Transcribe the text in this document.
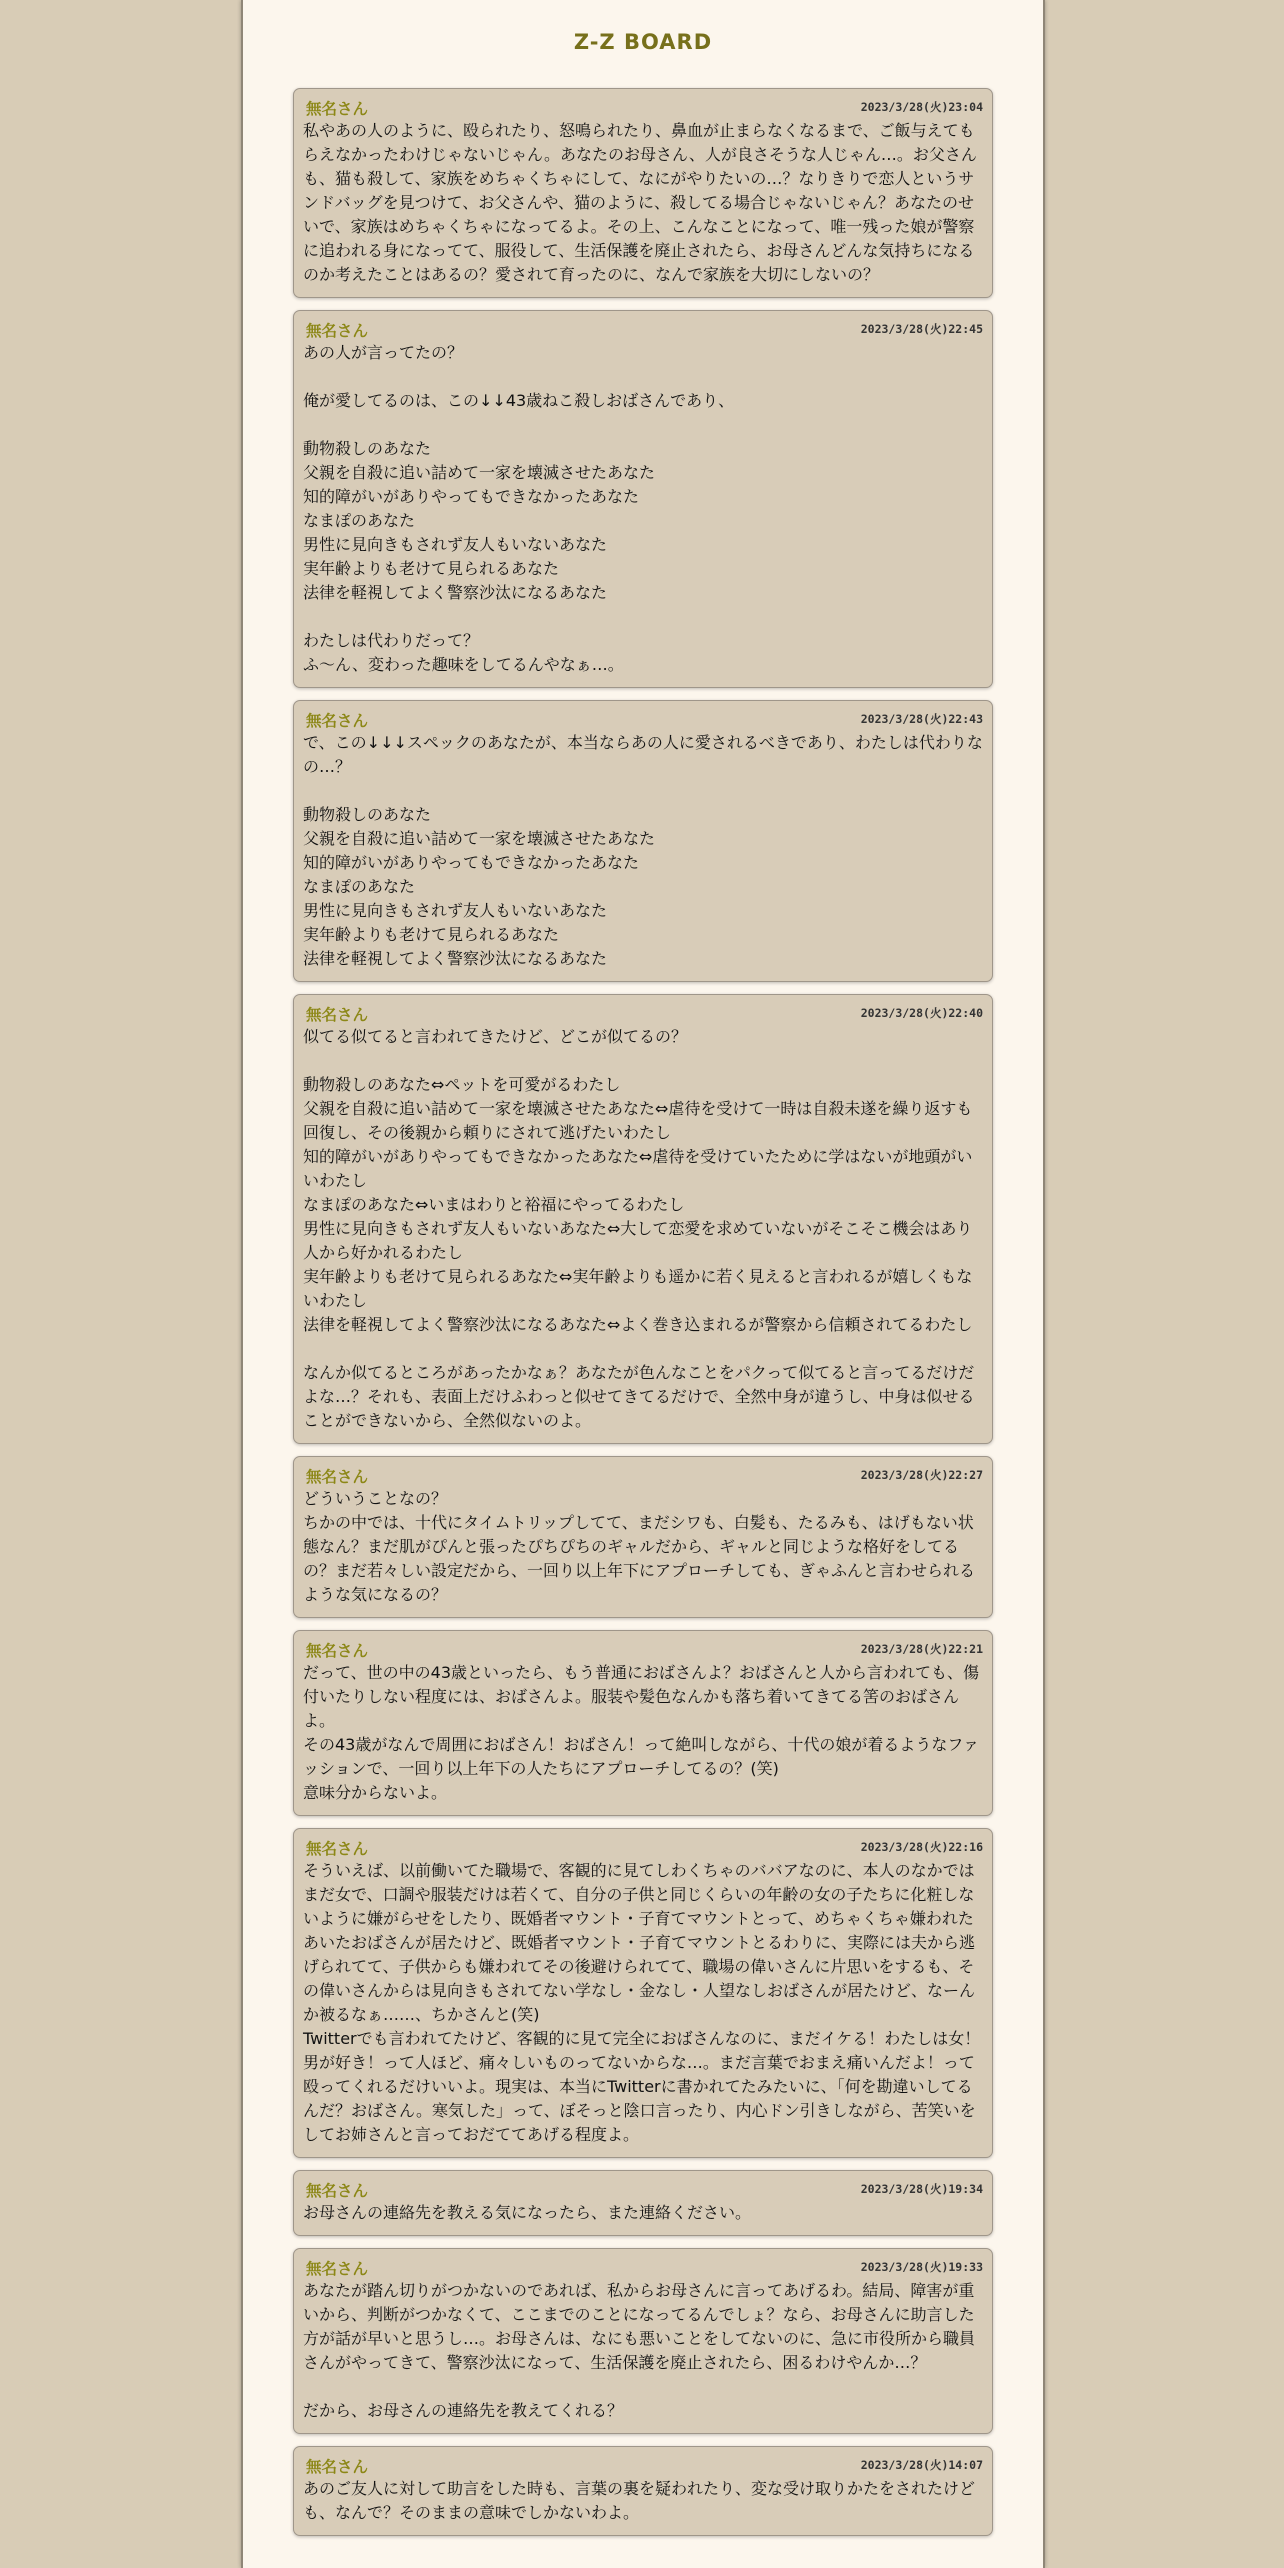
Z-Z BOARD
無名さん	2023/3/28(火)23:04
私やあの人のように、殴られたり、怒鳴られたり、鼻血が止まらなくなるまで、ご飯与えてもらえなかったわけじゃないじゃん。あなたのお母さん、人が良さそうな人じゃん…。お父さんも、猫も殺して、家族をめちゃくちゃにして、なにがやりたいの…？なりきりで恋人というサンドバッグを見つけて、お父さんや、猫のように、殺してる場合じゃないじゃん？あなたのせいで、家族はめちゃくちゃになってるよ。その上、こんなことになって、唯一残った娘が警察に追われる身になってて、服役して、生活保護を廃止されたら、お母さんどんな気持ちになるのか考えたことはあるの？愛されて育ったのに、なんで家族を大切にしないの？
無名さん	2023/3/28(火)22:45
あの人が言ってたの？

俺が愛してるのは、この↓↓43歳ねこ殺しおばさんであり、

動物殺しのあなた
父親を自殺に追い詰めて一家を壊滅させたあなた
知的障がいがありやってもできなかったあなた
なまぽのあなた
男性に見向きもされず友人もいないあなた
実年齢よりも老けて見られるあなた
法律を軽視してよく警察沙汰になるあなた

わたしは代わりだって？
ふ～ん、変わった趣味をしてるんやなぁ…。
無名さん	2023/3/28(火)22:43
で、この↓↓↓スペックのあなたが、本当ならあの人に愛されるべきであり、わたしは代わりなの…？

動物殺しのあなた
父親を自殺に追い詰めて一家を壊滅させたあなた
知的障がいがありやってもできなかったあなた
なまぽのあなた
男性に見向きもされず友人もいないあなた
実年齢よりも老けて見られるあなた
法律を軽視してよく警察沙汰になるあなた
無名さん	2023/3/28(火)22:40
似てる似てると言われてきたけど、どこが似てるの？

動物殺しのあなた⇔ペットを可愛がるわたし
父親を自殺に追い詰めて一家を壊滅させたあなた⇔虐待を受けて一時は自殺未遂を繰り返すも回復し、その後親から頼りにされて逃げたいわたし
知的障がいがありやってもできなかったあなた⇔虐待を受けていたために学はないが地頭がいいわたし
なまぽのあなた⇔いまはわりと裕福にやってるわたし
男性に見向きもされず友人もいないあなた⇔大して恋愛を求めていないがそこそこ機会はあり人から好かれるわたし
実年齢よりも老けて見られるあなた⇔実年齢よりも遥かに若く見えると言われるが嬉しくもないわたし
法律を軽視してよく警察沙汰になるあなた⇔よく巻き込まれるが警察から信頼されてるわたし

なんか似てるところがあったかなぁ？あなたが色んなことをパクって似てると言ってるだけだよな…？それも、表面上だけふわっと似せてきてるだけで、全然中身が違うし、中身は似せることができないから、全然似ないのよ。
無名さん	2023/3/28(火)22:27
どういうことなの？
ちかの中では、十代にタイムトリップしてて、まだシワも、白髪も、たるみも、はげもない状態なん？まだ肌がぴんと張ったぴちぴちのギャルだから、ギャルと同じような格好をしてるの？まだ若々しい設定だから、一回り以上年下にアプローチしても、ぎゃふんと言わせられるような気になるの？
無名さん	2023/3/28(火)22:21
だって、世の中の43歳といったら、もう普通におばさんよ？おばさんと人から言われても、傷付いたりしない程度には、おばさんよ。服装や髪色なんかも落ち着いてきてる筈のおばさんよ。
その43歳がなんで周囲におばさん！おばさん！って絶叫しながら、十代の娘が着るようなファッションで、一回り以上年下の人たちにアプローチしてるの？(笑)
意味分からないよ。
無名さん	2023/3/28(火)22:16
そういえば、以前働いてた職場で、客観的に見てしわくちゃのババアなのに、本人のなかではまだ女で、口調や服装だけは若くて、自分の子供と同じくらいの年齢の女の子たちに化粧しないように嫌がらせをしたり、既婚者マウント・子育てマウントとって、めちゃくちゃ嫌われたあいたおばさんが居たけど、既婚者マウント・子育てマウントとるわりに、実際には夫から逃げられてて、子供からも嫌われてその後避けられてて、職場の偉いさんに片思いをするも、その偉いさんからは見向きもされてない学なし・金なし・人望なしおばさんが居たけど、なーんか被るなぁ……、ちかさんと(笑)
Twitterでも言われてたけど、客観的に見て完全におばさんなのに、まだイケる！わたしは女！男が好き！って人ほど、痛々しいものってないからな…。まだ言葉でおまえ痛いんだよ！って殴ってくれるだけいいよ。現実は、本当にTwitterに書かれてたみたいに、「何を勘違いしてるんだ？おばさん。寒気した」って、ぼそっと陰口言ったり、内心ドン引きしながら、苦笑いをしてお姉さんと言っておだててあげる程度よ。
無名さん	2023/3/28(火)19:34
お母さんの連絡先を教える気になったら、また連絡ください。
無名さん	2023/3/28(火)19:33
あなたが踏ん切りがつかないのであれば、私からお母さんに言ってあげるわ。結局、障害が重いから、判断がつかなくて、ここまでのことになってるんでしょ？なら、お母さんに助言した方が話が早いと思うし…。お母さんは、なにも悪いことをしてないのに、急に市役所から職員さんがやってきて、警察沙汰になって、生活保護を廃止されたら、困るわけやんか…？

だから、お母さんの連絡先を教えてくれる？
無名さん	2023/3/28(火)14:07
あのご友人に対して助言をした時も、言葉の裏を疑われたり、変な受け取りかたをされたけども、なんで？そのままの意味でしかないわよ。
